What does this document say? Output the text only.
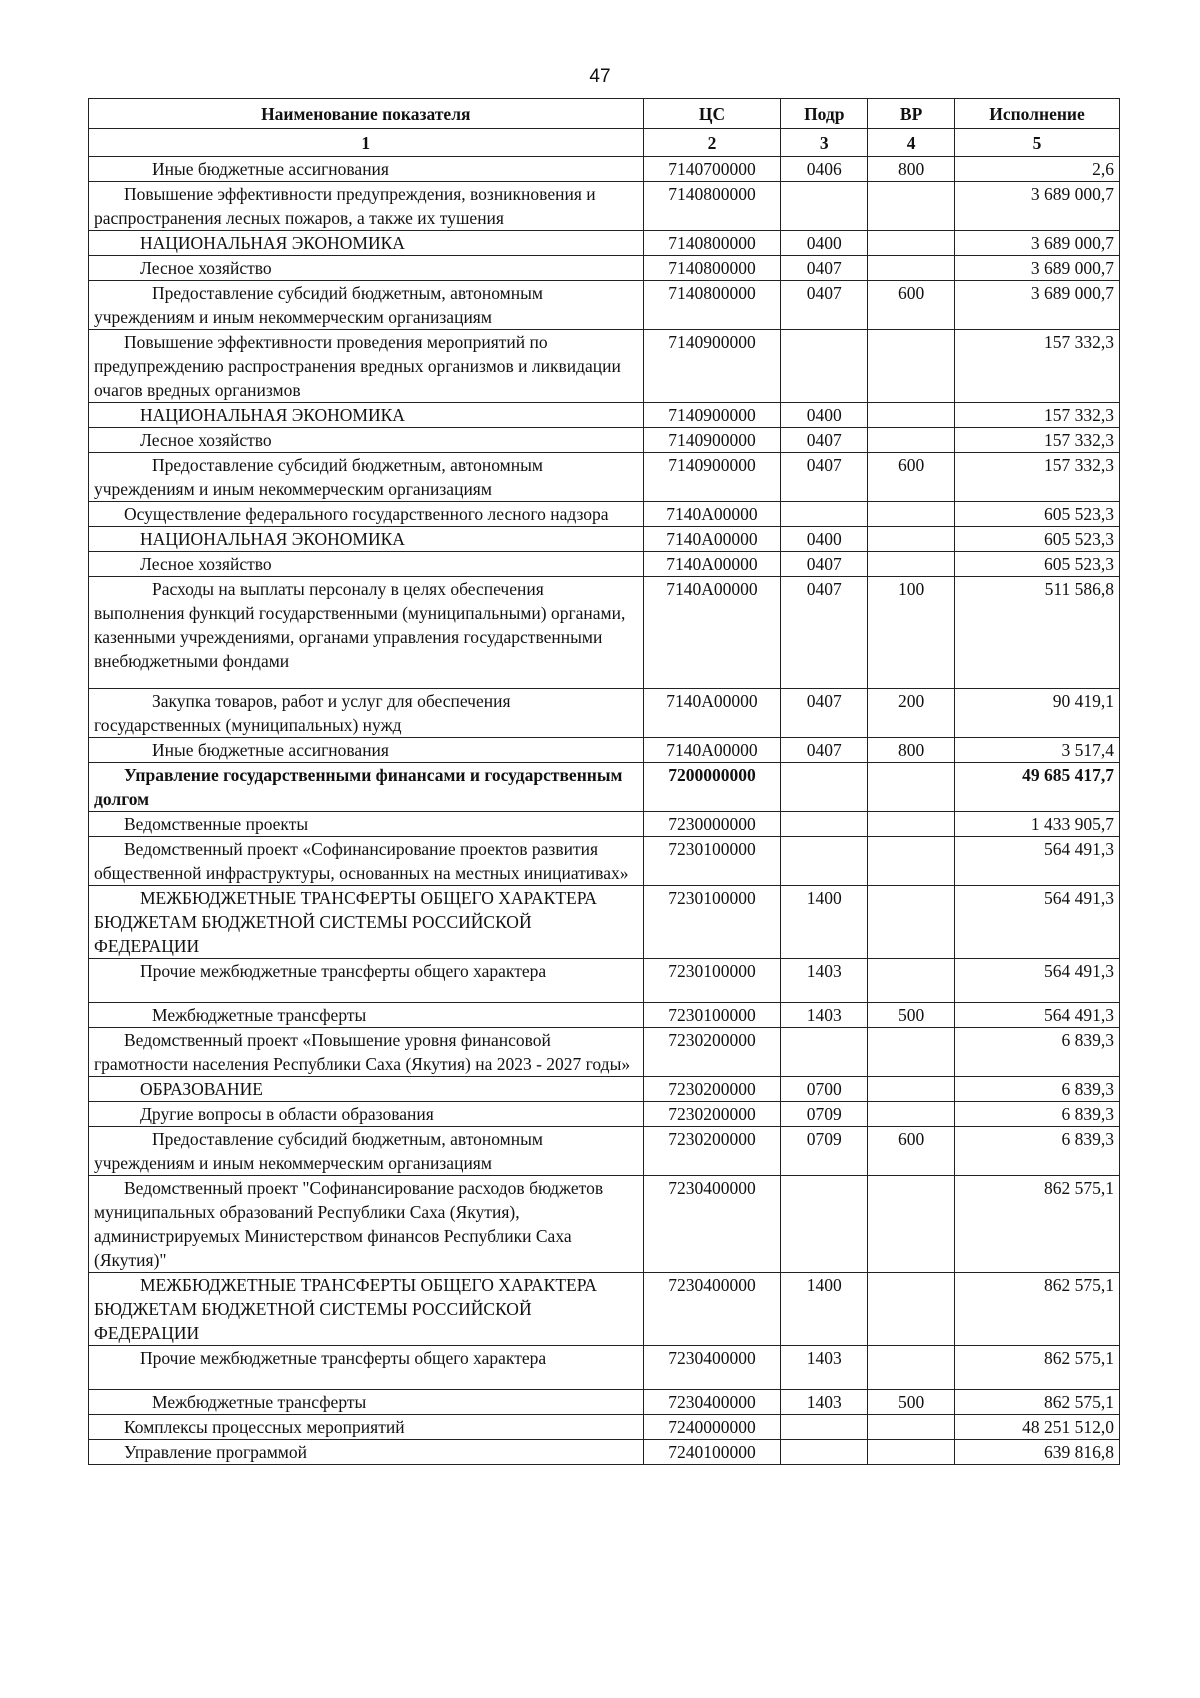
47
Наименование показателя	ЦС	Подр	ВР	Исполнение
1	2	3	4	5
Иные бюджетные ассигнования	7140700000	0406	800	2,6
Повышение эффективности предупреждения, возникновения и распространения лесных пожаров, а также их тушения	7140800000			3 689 000,7
НАЦИОНАЛЬНАЯ ЭКОНОМИКА	7140800000	0400		3 689 000,7
Лесное хозяйство	7140800000	0407		3 689 000,7
Предоставление субсидий бюджетным, автономным учреждениям и иным некоммерческим организациям	7140800000	0407	600	3 689 000,7
Повышение эффективности проведения мероприятий по предупреждению распространения вредных организмов и ликвидации очагов вредных организмов	7140900000			157 332,3
НАЦИОНАЛЬНАЯ ЭКОНОМИКА	7140900000	0400		157 332,3
Лесное хозяйство	7140900000	0407		157 332,3
Предоставление субсидий бюджетным, автономным учреждениям и иным некоммерческим организациям	7140900000	0407	600	157 332,3
Осуществление федерального государственного лесного надзора	7140А00000			605 523,3
НАЦИОНАЛЬНАЯ ЭКОНОМИКА	7140А00000	0400		605 523,3
Лесное хозяйство	7140А00000	0407		605 523,3
Расходы на выплаты персоналу в целях обеспечения выполнения функций государственными (муниципальными) органами, казенными учреждениями, органами управления государственными внебюджетными фондами	7140А00000	0407	100	511 586,8
Закупка товаров, работ и услуг для обеспечения государственных (муниципальных) нужд	7140А00000	0407	200	90 419,1
Иные бюджетные ассигнования	7140А00000	0407	800	3 517,4
Управление государственными финансами и государственным долгом	7200000000			49 685 417,7
Ведомственные проекты	7230000000			1 433 905,7
Ведомственный проект «Софинансирование проектов развития общественной инфраструктуры, основанных на местных инициативах»	7230100000			564 491,3
МЕЖБЮДЖЕТНЫЕ ТРАНСФЕРТЫ ОБЩЕГО ХАРАКТЕРА БЮДЖЕТАМ БЮДЖЕТНОЙ СИСТЕМЫ РОССИЙСКОЙ ФЕДЕРАЦИИ	7230100000	1400		564 491,3
Прочие межбюджетные трансферты общего характера	7230100000	1403		564 491,3
Межбюджетные трансферты	7230100000	1403	500	564 491,3
Ведомственный проект «Повышение уровня финансовой грамотности населения Республики Саха (Якутия) на 2023 - 2027 годы»	7230200000			6 839,3
ОБРАЗОВАНИЕ	7230200000	0700		6 839,3
Другие вопросы в области образования	7230200000	0709		6 839,3
Предоставление субсидий бюджетным, автономным учреждениям и иным некоммерческим организациям	7230200000	0709	600	6 839,3
Ведомственный проект "Софинансирование расходов бюджетов муниципальных образований Республики Саха (Якутия), администрируемых Министерством финансов Республики Саха (Якутия)"	7230400000			862 575,1
МЕЖБЮДЖЕТНЫЕ ТРАНСФЕРТЫ ОБЩЕГО ХАРАКТЕРА БЮДЖЕТАМ БЮДЖЕТНОЙ СИСТЕМЫ РОССИЙСКОЙ ФЕДЕРАЦИИ	7230400000	1400		862 575,1
Прочие межбюджетные трансферты общего характера	7230400000	1403		862 575,1
Межбюджетные трансферты	7230400000	1403	500	862 575,1
Комплексы процессных мероприятий	7240000000			48 251 512,0
Управление программой	7240100000			639 816,8
